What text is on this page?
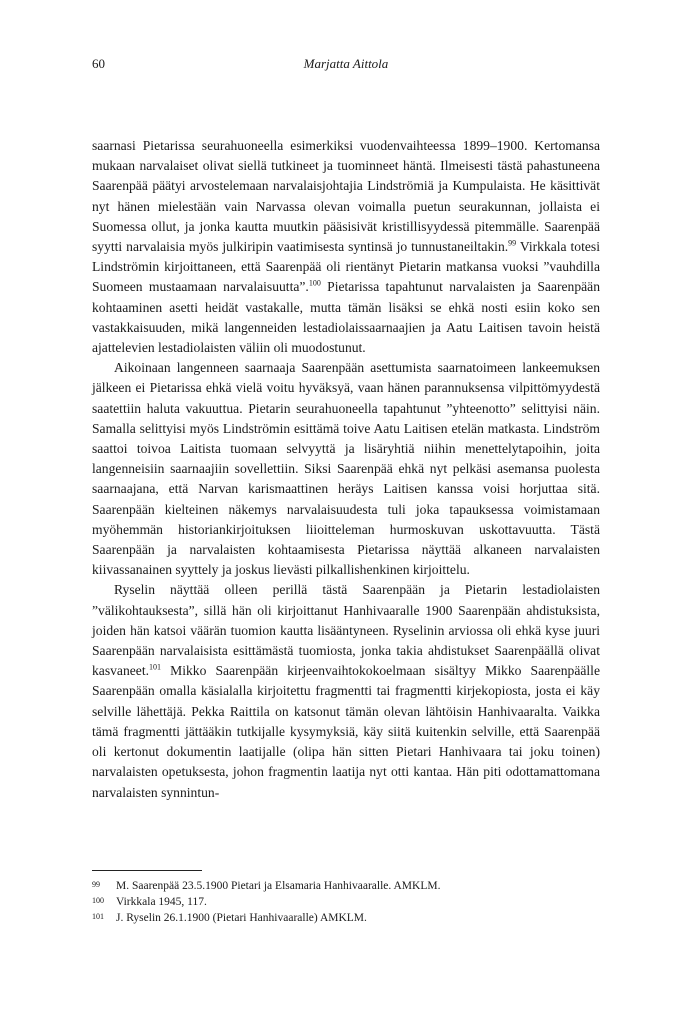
60	Marjatta Aittola

saarnasi Pietarissa seurahuoneella esimerkiksi vuodenvaihteessa 1899–1900. Kertomansa mukaan narvalaiset olivat siellä tutkineet ja tuominneet häntä. Ilmeisesti tästä pahastuneena Saarenpää päätyi arvostelemaan narvalaisjohtajia Lindströmiä ja Kumpulaista. He käsittivät nyt hänen mielestään vain Narvassa olevan voimalla puetun seurakunnan, jollaista ei Suomessa ollut, ja jonka kautta muutkin pääsisivät kristillisyydessä pitemmälle. Saarenpää syytti narvalaisia myös julkiripin vaatimisesta syntinsä jo tunnustaneiltakin.$^{99}$ Virkkala totesi Lindströmin kirjoittaneen, että Saarenpää oli rientänyt Pietarin matkansa vuoksi ”vauhdilla Suomeen mustaamaan narvalaisuutta”.$^{100}$ Pietarissa tapahtunut narvalaisten ja Saarenpään kohtaaminen asetti heidät vastakalle, mutta tämän lisäksi se ehkä nosti esiin koko sen vastakkaisuuden, mikä langenneiden lestadiolaissaarnaajien ja Aatu Laitisen tavoin heistä ajattelevien lestadiolaisten väliin oli muodostunut.

Aikoinaan langenneen saarnaaja Saarenpään asettumista saarnatoimeen lankeemuksen jälkeen ei Pietarissa ehkä vielä voitu hyväksyä, vaan hänen parannuksensa vilpittömyydestä saatettiin haluta vakuuttua. Pietarin seurahuoneella tapahtunut ”yhteenotto” selittyisi näin. Samalla selittyisi myös Lindströmin esittämä toive Aatu Laitisen etelän matkasta. Lindström saattoi toivoa Laitista tuomaan selvyyttä ja lisäryhtiä niihin menettelytapoihin, joita langenneisiin saarnaajiin sovellettiin. Siksi Saarenpää ehkä nyt pelkäsi asemansa puolesta saarnaajana, että Narvan karismaattinen heräys Laitisen kanssa voisi horjuttaa sitä. Saarenpään kielteinen näkemys narvalaisuudesta tuli joka tapauksessa voimistamaan myöhemmän historiankirjoituksen liioitteleman hurmoskuvan uskottavuutta. Tästä Saarenpään ja narvalaisten kohtaamisesta Pietarissa näyttää alkaneen narvalaisten kiivassanainen syyttely ja joskus lievästi pilkallishenkinen kirjoittelu.

Ryselin näyttää olleen perillä tästä Saarenpään ja Pietarin lestadiolaisten ”välikohtauksesta”, sillä hän oli kirjoittanut Hanhivaaralle 1900 Saarenpään ahdistuksista, joiden hän katsoi väärän tuomion kautta lisääntyneen. Ryselinin arviossa oli ehkä kyse juuri Saarenpään narvalaisista esittämästä tuomiosta, jonka takia ahdistukset Saarenpäällä olivat kasvaneet.$^{101}$ Mikko Saarenpään kirjeenvaihtokokoelmaan sisältyy Mikko Saarenpäälle Saarenpään omalla käsialalla kirjoitettu fragmentti tai fragmentti kirjekopiosta, josta ei käy selville lähettäjä. Pekka Raittila on katsonut tämän olevan lähtöisin Hanhivaaralta. Vaikka tämä fragmentti jättääkin tutkijalle kysymyksiä, käy siitä kuitenkin selville, että Saarenpää oli kertonut dokumentin laatijalle (olipa hän sitten Pietari Hanhivaara tai joku toinen) narvalaisten opetuksesta, johon fragmentin laatija nyt otti kantaa. Hän piti odottamattomana narvalaisten synnintun-

99	M. Saarenpää 23.5.1900 Pietari ja Elsamaria Hanhivaaralle. AMKLM.
100	Virkkala 1945, 117.
101	J. Ryselin 26.1.1900 (Pietari Hanhivaaralle) AMKLM.
